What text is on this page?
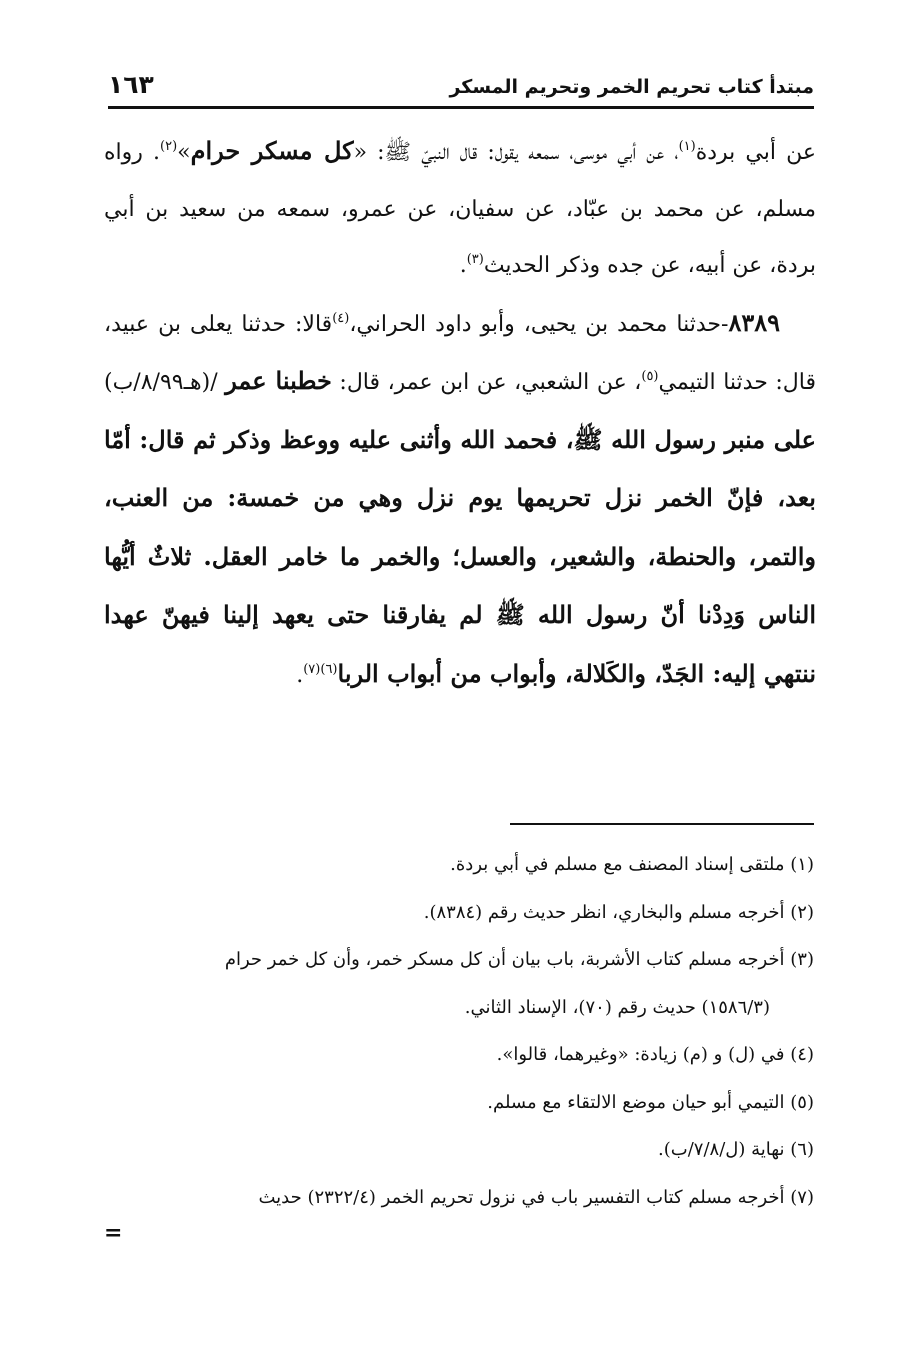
مبتدأ كتاب تحريم الخمر وتحريم المسكر
١٦٣

عن أبي بردة$^{(١)}$، عن أبي موسى، سمعه يقول: قال النبيّ ﷺ: «كل مسكر حرام»$^{(٢)}$. رواه مسلم، عن محمد بن عبّاد، عن سفيان، عن عمرو، سمعه من سعيد بن أبي بردة، عن أبيه، عن جده وذكر الحديث$^{(٣)}$.

٨٣٨٩-حدثنا محمد بن يحيى، وأبو داود الحراني،$^{(٤)}$قالا: حدثنا يعلى بن عبيد، قال: حدثنا التيمي$^{(٥)}$، عن الشعبي، عن ابن عمر، قال: خطبنا عمر /(هـ٨/٩٩/ب) على منبر رسول الله ﷺ، فحمد الله وأثنى عليه ووعظ وذكر ثم قال: أمّا بعد، فإنّ الخمر نزل تحريمها يوم نزل وهي من خمسة: من العنب، والتمر، والحنطة، والشعير، والعسل؛ والخمر ما خامر العقل. ثلاثٌ أيُّها الناس وَدِدْنا أنّ رسول الله ﷺ لم يفارقنا حتى يعهد إلينا فيهنّ عهدا ننتهي إليه: الجَدّ، والكَلالة، وأبواب من أبواب الربا$^{(٦)(٧)}$.

(١) ملتقى إسناد المصنف مع مسلم في أبي بردة.

(٢) أخرجه مسلم والبخاري، انظر حديث رقم (٨٣٨٤).

(٣) أخرجه مسلم كتاب الأشربة، باب بيان أن كل مسكر خمر، وأن كل خمر حرام
(١٥٨٦/٣) حديث رقم (٧٠)، الإسناد الثاني.

(٤) في (ل) و (م) زيادة: «وغيرهما، قالوا».

(٥) التيمي أبو حيان موضع الالتقاء مع مسلم.

(٦) نهاية (ل/٧/٨/ب).

(٧) أخرجه مسلم كتاب التفسير باب في نزول تحريم الخمر (٢٣٢٢/٤) حديث

=
